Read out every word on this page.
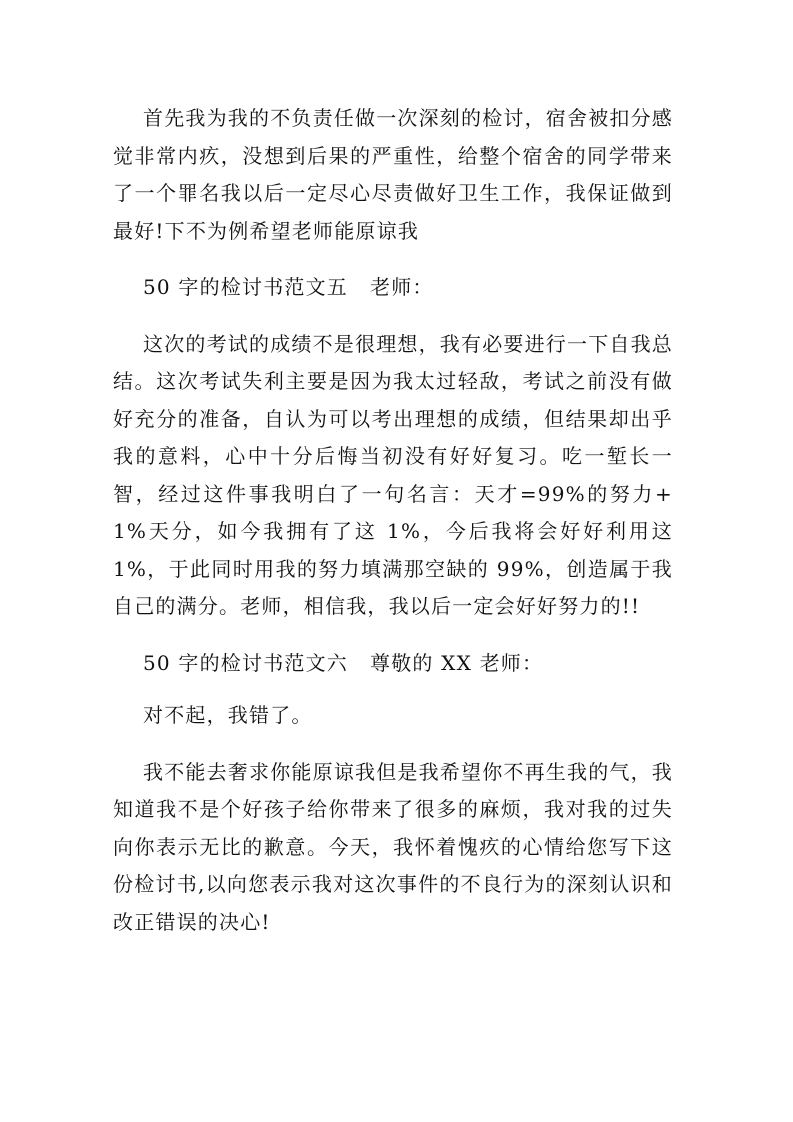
首先我为我的不负责任做一次深刻的检讨，宿舍被扣分感觉非常内疚，没想到后果的严重性，给整个宿舍的同学带来了一个罪名我以后一定尽心尽责做好卫生工作，我保证做到最好!下不为例希望老师能原谅我

50 字的检讨书范文五 老师：

这次的考试的成绩不是很理想，我有必要进行一下自我总结。这次考试失利主要是因为我太过轻敌，考试之前没有做好充分的准备，自认为可以考出理想的成绩，但结果却出乎我的意料，心中十分后悔当初没有好好复习。吃一堑长一智，经过这件事我明白了一句名言：天才=99%的努力+1%天分，如今我拥有了这 1%，今后我将会好好利用这 1%，于此同时用我的努力填满那空缺的 99%，创造属于我自己的满分。老师，相信我，我以后一定会好好努力的!!

50 字的检讨书范文六 尊敬的 XX 老师：

对不起，我错了。

我不能去奢求你能原谅我但是我希望你不再生我的气，我知道我不是个好孩子给你带来了很多的麻烦，我对我的过失向你表示无比的歉意。今天，我怀着愧疚的心情给您写下这份检讨书,以向您表示我对这次事件的不良行为的深刻认识和改正错误的决心!
